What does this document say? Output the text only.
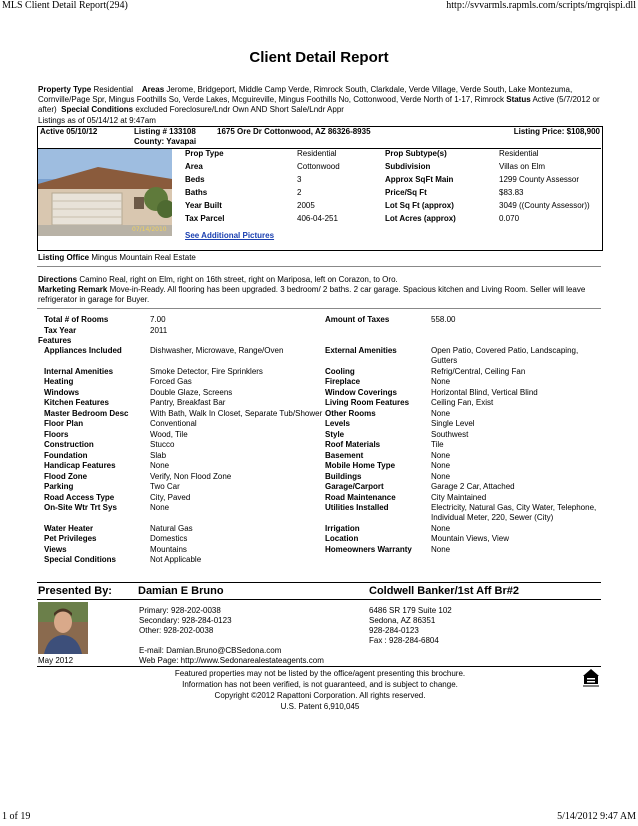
MLS Client Detail Report(294)	http://svvarmls.rapmls.com/scripts/mgrqispi.dll
Client Detail Report
Property Type Residential Areas Jerome, Bridgeport, Middle Camp Verde, Rimrock South, Clarkdale, Verde Village, Verde South, Lake Montezuma, Cornville/Page Spr, Mingus Foothills So, Verde Lakes, Mcguireville, Mingus Foothills No, Cottonwood, Verde North of 1-17, Rimrock Status Active (5/7/2012 or after) Special Conditions excluded Foreclosure/Lndr Own AND Short Sale/Lndr Appr
Listings as of 05/14/12 at 9:47am
Active 05/10/12	Listing # 133108	1675 Ore Dr Cottonwood, AZ 86326-8935
County: Yavapai
Listing Price: $108,900
07/14/2010
Prop Type	Residential	Prop Subtype(s)	Residential
Area	Cottonwood	Subdivision	Villas on Elm
Beds	3	Approx SqFt Main	1299 County Assessor
Baths	2	Price/Sq Ft	$83.83
Year Built	2005	Lot Sq Ft (approx)	3049 ((County Assessor))
Tax Parcel	406-04-251	Lot Acres (approx)	0.070
See Additional Pictures
Listing Office Mingus Mountain Real Estate
Directions Camino Real, right on Elm, right on 16th street, right on Mariposa, left on Corazon, to Oro.
Marketing Remark Move-in-Ready. All flooring has been upgraded. 3 bedroom/ 2 baths. 2 car garage. Spacious kitchen and Living Room. Seller will leave refrigerator in garage for Buyer.
Total # of Rooms	7.00	Amount of Taxes	558.00
Tax Year	2011		
Features			
Appliances Included	Dishwasher, Microwave, Range/Oven	External Amenities	Open Patio, Covered Patio, Landscaping, Gutters
Internal Amenities	Smoke Detector, Fire Sprinklers	Cooling	Refrig/Central, Ceiling Fan
Heating	Forced Gas	Fireplace	None
Windows	Double Glaze, Screens	Window Coverings	Horizontal Blind, Vertical Blind
Kitchen Features	Pantry, Breakfast Bar	Living Room Features	Ceiling Fan, Exist
Master Bedroom Desc	With Bath, Walk In Closet, Separate Tub/Shower	Other Rooms	None
Floor Plan	Conventional	Levels	Single Level
Floors	Wood, Tile	Style	Southwest
Construction	Stucco	Roof Materials	Tile
Foundation	Slab	Basement	None
Handicap Features	None	Mobile Home Type	None
Flood Zone	Verify, Non Flood Zone	Buildings	None
Parking	Two Car	Garage/Carport	Garage 2 Car, Attached
Road Access Type	City, Paved	Road Maintenance	City Maintained
On-Site Wtr Trt Sys	None	Utilities Installed	Electricity, Natural Gas, City Water, Telephone, Individual Meter, 220, Sewer (City)
Water Heater	Natural Gas	Irrigation	None
Pet Privileges	Domestics	Location	Mountain Views, View
Views	Mountains	Homeowners Warranty	None
Special Conditions	Not Applicable		
Presented By: Damian E Bruno	Coldwell Banker/1st Aff Br#2
May 2012
Primary: 928-202-0038
Secondary: 928-284-0123
Other: 928-202-0038
E-mail: Damian.Bruno@CBSedona.com
Web Page: http://www.Sedonarealestateagents.com
6486 SR 179 Suite 102
Sedona, AZ 86351
928-284-0123
Fax : 928-284-6804
Featured properties may not be listed by the office/agent presenting this brochure.
Information has not been verified, is not guaranteed, and is subject to change.
Copyright ©2012 Rapattoni Corporation. All rights reserved.
U.S. Patent 6,910,045
1 of 19	5/14/2012 9:47 AM
